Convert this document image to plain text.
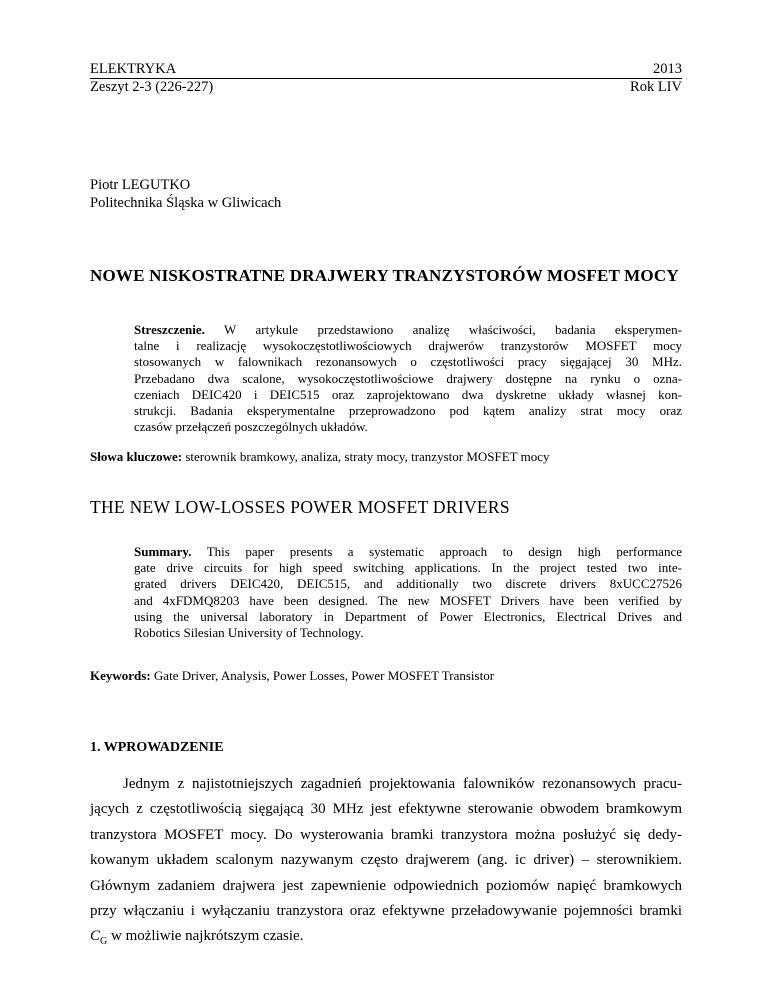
ELEKTRYKA	2013
Zeszyt 2-3 (226-227)	Rok LIV
Piotr LEGUTKO
Politechnika Śląska w Gliwicach
NOWE NISKOSTRATNE DRAJWERY TRANZYSTORÓW MOSFET MOCY
Streszczenie. W artykule przedstawiono analizę właściwości, badania eksperymen-
talne i realizację wysokoczęstotliwościowych drajwerów tranzystorów MOSFET mocy
stosowanych w falownikach rezonansowych o częstotliwości pracy sięgającej 30 MHz.
Przebadano dwa scalone, wysokoczęstotliwościowe drajwery dostępne na rynku o ozna-
czeniach DEIC420 i DEIC515 oraz zaprojektowano dwa dyskretne układy własnej kon-
strukcji. Badania eksperymentalne przeprowadzono pod kątem analizy strat mocy oraz
czasów przełączeń poszczególnych układów.
Słowa kluczowe: sterownik bramkowy, analiza, straty mocy, tranzystor MOSFET mocy
THE NEW LOW-LOSSES POWER MOSFET DRIVERS
Summary. This paper presents a systematic approach to design high performance
gate drive circuits for high speed switching applications. In the project tested two inte-
grated drivers DEIC420, DEIC515, and additionally two discrete drivers 8xUCC27526
and 4xFDMQ8203 have been designed. The new MOSFET Drivers have been verified by
using the universal laboratory in Department of Power Electronics, Electrical Drives and
Robotics Silesian University of Technology.
Keywords: Gate Driver, Analysis, Power Losses, Power MOSFET Transistor
1. WPROWADZENIE
Jednym z najistotniejszych zagadnień projektowania falowników rezonansowych pracu-
jących z częstotliwością sięgającą 30 MHz jest efektywne sterowanie obwodem bramkowym
tranzystora MOSFET mocy. Do wysterowania bramki tranzystora można posłużyć się dedy-
kowanym układem scalonym nazywanym często drajwerem (ang. ic driver) – sterownikiem.
Głównym zadaniem drajwera jest zapewnienie odpowiednich poziomów napięć bramkowych
przy włączaniu i wyłączaniu tranzystora oraz efektywne przeładowywanie pojemności bramki
$C_G$ w możliwie najkrótszym czasie.
